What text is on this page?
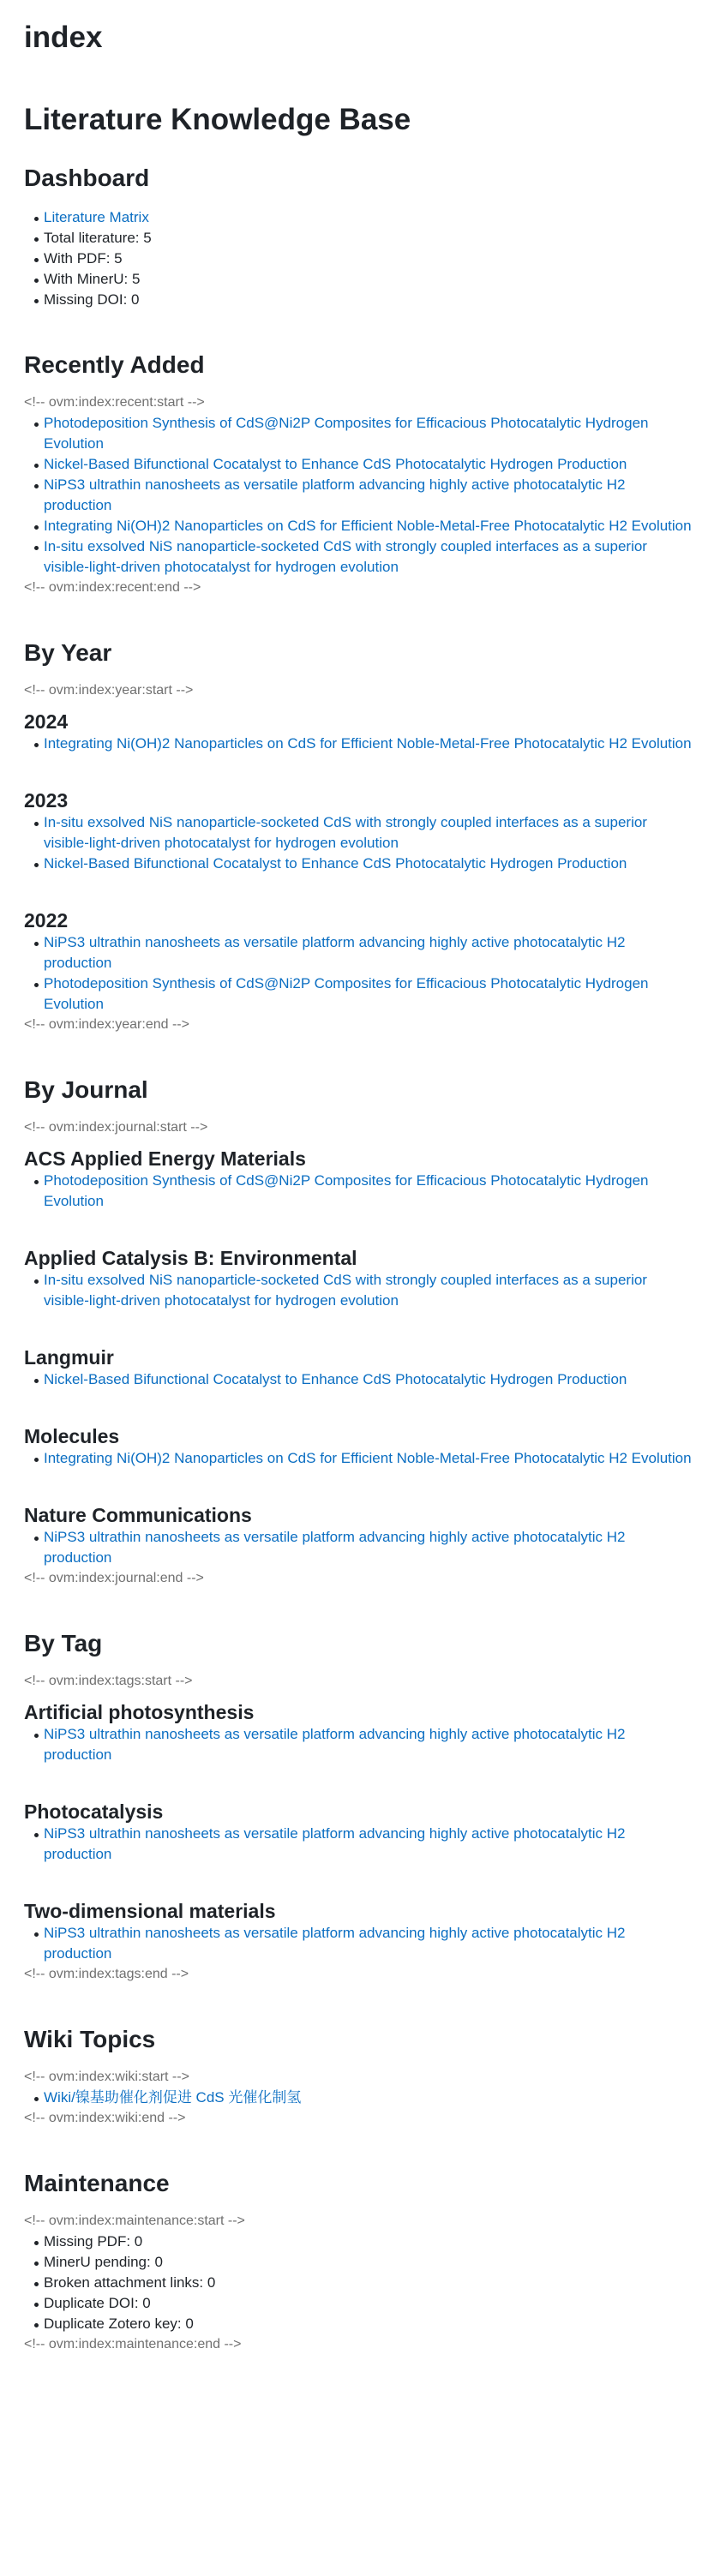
index
Literature Knowledge Base
Dashboard
Literature Matrix
Total literature: 5
With PDF: 5
With MinerU: 5
Missing DOI: 0
Recently Added
<!-- ovm:index:recent:start -->
Photodeposition Synthesis of CdS@Ni2P Composites for Efficacious Photocatalytic Hydrogen Evolution
Nickel-Based Bifunctional Cocatalyst to Enhance CdS Photocatalytic Hydrogen Production
NiPS3 ultrathin nanosheets as versatile platform advancing highly active photocatalytic H2 production
Integrating Ni(OH)2 Nanoparticles on CdS for Efficient Noble-Metal-Free Photocatalytic H2 Evolution
In-situ exsolved NiS nanoparticle-socketed CdS with strongly coupled interfaces as a superior visible-light-driven photocatalyst for hydrogen evolution
<!-- ovm:index:recent:end -->
By Year
<!-- ovm:index:year:start -->
2024
Integrating Ni(OH)2 Nanoparticles on CdS for Efficient Noble-Metal-Free Photocatalytic H2 Evolution
2023
In-situ exsolved NiS nanoparticle-socketed CdS with strongly coupled interfaces as a superior visible-light-driven photocatalyst for hydrogen evolution
Nickel-Based Bifunctional Cocatalyst to Enhance CdS Photocatalytic Hydrogen Production
2022
NiPS3 ultrathin nanosheets as versatile platform advancing highly active photocatalytic H2 production
Photodeposition Synthesis of CdS@Ni2P Composites for Efficacious Photocatalytic Hydrogen Evolution
<!-- ovm:index:year:end -->
By Journal
<!-- ovm:index:journal:start -->
ACS Applied Energy Materials
Photodeposition Synthesis of CdS@Ni2P Composites for Efficacious Photocatalytic Hydrogen Evolution
Applied Catalysis B: Environmental
In-situ exsolved NiS nanoparticle-socketed CdS with strongly coupled interfaces as a superior visible-light-driven photocatalyst for hydrogen evolution
Langmuir
Nickel-Based Bifunctional Cocatalyst to Enhance CdS Photocatalytic Hydrogen Production
Molecules
Integrating Ni(OH)2 Nanoparticles on CdS for Efficient Noble-Metal-Free Photocatalytic H2 Evolution
Nature Communications
NiPS3 ultrathin nanosheets as versatile platform advancing highly active photocatalytic H2 production
<!-- ovm:index:journal:end -->
By Tag
<!-- ovm:index:tags:start -->
Artificial photosynthesis
NiPS3 ultrathin nanosheets as versatile platform advancing highly active photocatalytic H2 production
Photocatalysis
NiPS3 ultrathin nanosheets as versatile platform advancing highly active photocatalytic H2 production
Two-dimensional materials
NiPS3 ultrathin nanosheets as versatile platform advancing highly active photocatalytic H2 production
<!-- ovm:index:tags:end -->
Wiki Topics
<!-- ovm:index:wiki:start -->
Wiki/镍基助催化剂促进 CdS 光催化制氢
<!-- ovm:index:wiki:end -->
Maintenance
<!-- ovm:index:maintenance:start -->
Missing PDF: 0
MinerU pending: 0
Broken attachment links: 0
Duplicate DOI: 0
Duplicate Zotero key: 0
<!-- ovm:index:maintenance:end -->
